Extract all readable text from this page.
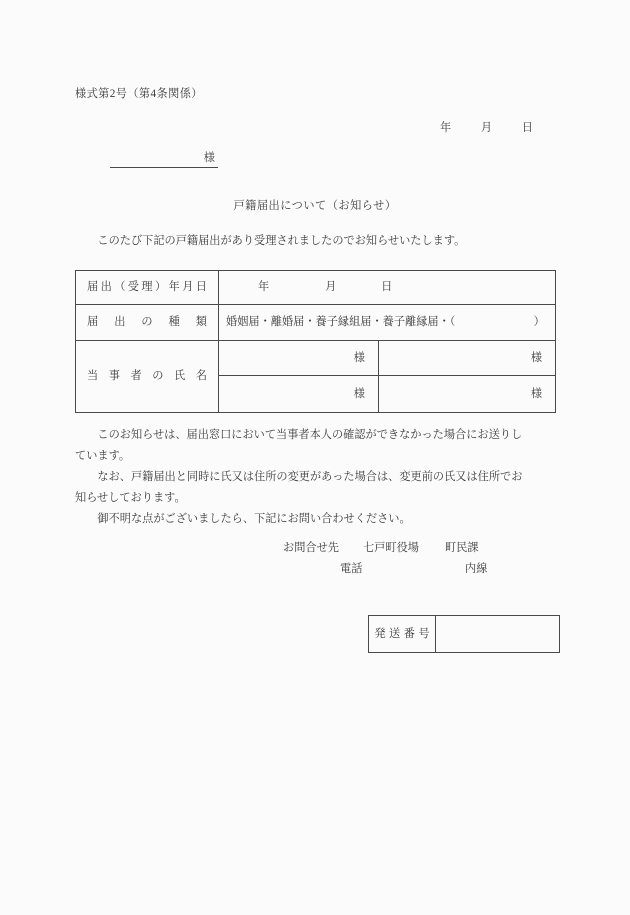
様式第2号（第4条関係）
年	月	日
様
戸籍届出について（お知らせ）
　　このたび下記の戸籍届出があり受理されましたのでお知らせいたします。
届出（受理）年月日	年　　　　　月　　　　日	

届出の種類	婚姻届・離婚届・養子縁組届・養子離縁届・（　　　　　　　）	

当事者の氏名	様	様
	様	様
　　このお知らせは、届出窓口において当事者本人の確認ができなかった場合にお送りし
ています。
　　なお、戸籍届出と同時に氏又は住所の変更があった場合は、変更前の氏又は住所でお
知らせしております。
　　御不明な点がございましたら、下記にお問い合わせください。
お問合せ先 七戸町役場 町民課
電話	内線
発送番号
